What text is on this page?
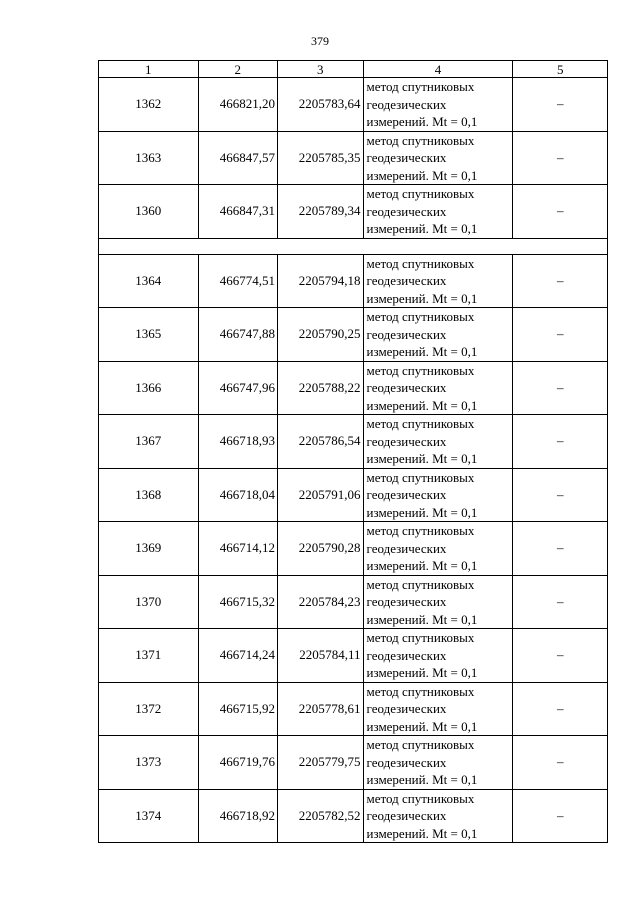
379
1	2	3	4	5
1362	466821,20	2205783,64	метод спутниковых
геодезических
измерений. Mt = 0,1	–
1363	466847,57	2205785,35	метод спутниковых
геодезических
измерений. Mt = 0,1	–
1360	466847,31	2205789,34	метод спутниковых
геодезических
измерений. Mt = 0,1	–

1364	466774,51	2205794,18	метод спутниковых
геодезических
измерений. Mt = 0,1	–
1365	466747,88	2205790,25	метод спутниковых
геодезических
измерений. Mt = 0,1	–
1366	466747,96	2205788,22	метод спутниковых
геодезических
измерений. Mt = 0,1	–
1367	466718,93	2205786,54	метод спутниковых
геодезических
измерений. Mt = 0,1	–
1368	466718,04	2205791,06	метод спутниковых
геодезических
измерений. Mt = 0,1	–
1369	466714,12	2205790,28	метод спутниковых
геодезических
измерений. Mt = 0,1	–
1370	466715,32	2205784,23	метод спутниковых
геодезических
измерений. Mt = 0,1	–
1371	466714,24	2205784,11	метод спутниковых
геодезических
измерений. Mt = 0,1	–
1372	466715,92	2205778,61	метод спутниковых
геодезических
измерений. Mt = 0,1	–
1373	466719,76	2205779,75	метод спутниковых
геодезических
измерений. Mt = 0,1	–
1374	466718,92	2205782,52	метод спутниковых
геодезических
измерений. Mt = 0,1	–
